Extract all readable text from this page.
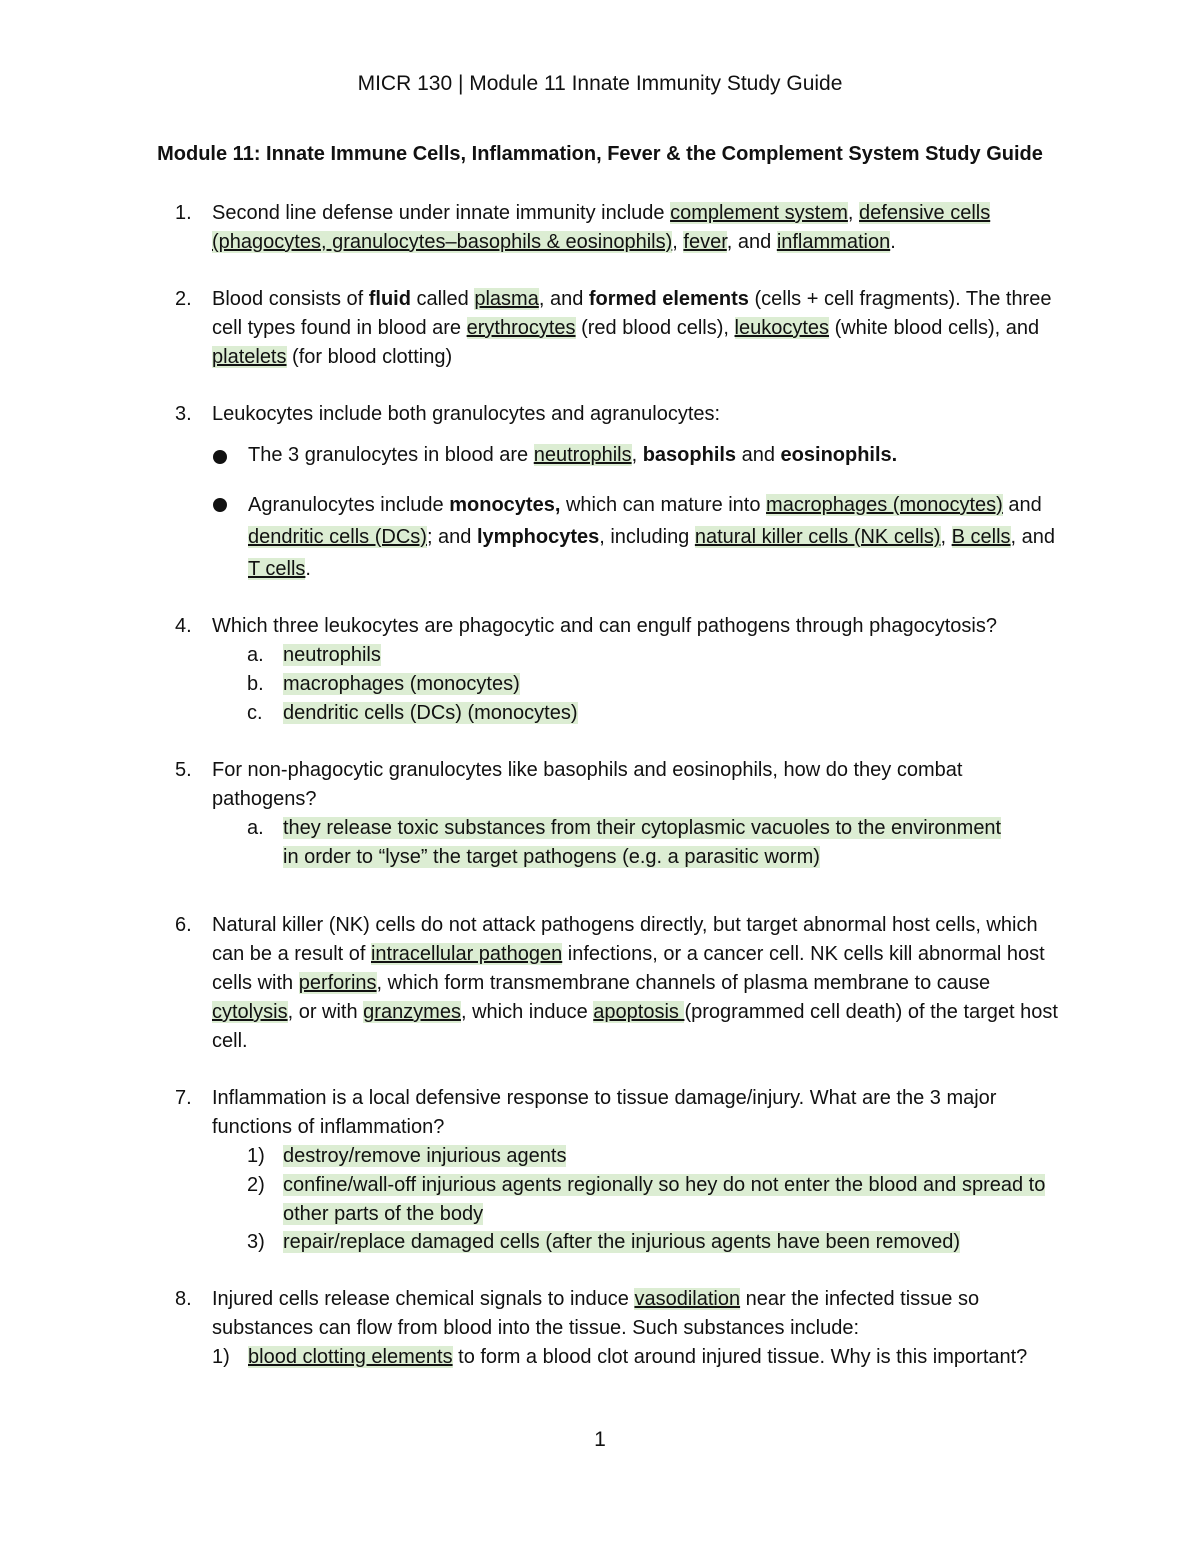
MICR 130 | Module 11 Innate Immunity Study Guide
Module 11: Innate Immune Cells, Inflammation, Fever & the Complement System Study Guide
1.	Second line defense under innate immunity include complement system, defensive cells (phagocytes, granulocytes–basophils & eosinophils), fever, and inflammation.
2.	Blood consists of fluid called plasma, and formed elements (cells + cell fragments). The three cell types found in blood are erythrocytes (red blood cells), leukocytes (white blood cells), and platelets (for blood clotting)
3.	Leukocytes include both granulocytes and agranulocytes:
The 3 granulocytes in blood are neutrophils, basophils and eosinophils.
Agranulocytes include monocytes, which can mature into macrophages (monocytes) and dendritic cells (DCs); and lymphocytes, including natural killer cells (NK cells), B cells, and T cells.
4.	Which three leukocytes are phagocytic and can engulf pathogens through phagocytosis?
a. neutrophils
b. macrophages (monocytes)
c.	dendritic cells (DCs) (monocytes)
5.	For non-phagocytic granulocytes like basophils and eosinophils, how do they combat pathogens?
a. they release toxic substances from their cytoplasmic vacuoles to the environment in order to “lyse” the target pathogens (e.g. a parasitic worm)
6.	Natural killer (NK) cells do not attack pathogens directly, but target abnormal host cells, which can be a result of intracellular pathogen infections, or a cancer cell. NK cells kill abnormal host cells with perforins, which form transmembrane channels of plasma membrane to cause cytolysis, or with granzymes, which induce apoptosis (programmed cell death) of the target host cell.
7.	Inflammation is a local defensive response to tissue damage/injury. What are the 3 major functions of inflammation?
1) destroy/remove injurious agents
2) confine/wall-off injurious agents regionally so hey do not enter the blood and spread to other parts of the body
3) repair/replace damaged cells (after the injurious agents have been removed)
8.	Injured cells release chemical signals to induce vasodilation near the infected tissue so substances can flow from blood into the tissue. Such substances include:
1) blood clotting elements to form a blood clot around injured tissue. Why is this important?
1
